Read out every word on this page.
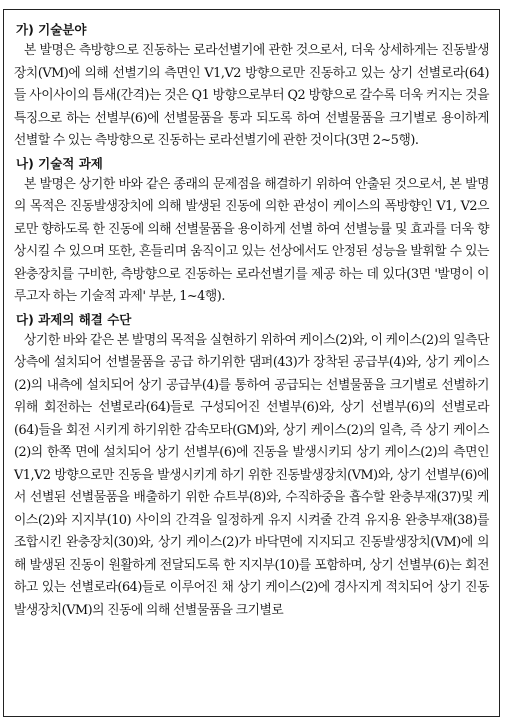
가) 기술분야
본 발명은 측방향으로 진동하는 로라선별기에 관한 것으로서, 더욱 상세하게는 진동발생장치(VM)에 의해 선별기의 측면인 V1,V2 방향으로만 진동하고 있는 상기 선별로라(64)들 사이사이의 틈새(간격)는 것은 Q1 방향으로부터 Q2 방향으로 갈수록 더욱 커지는 것을 특징으로 하는 선별부(6)에 선별물품을 통과 되도록 하여 선별물품을 크기별로 용이하게 선별할 수 있는 측방향으로 진동하는 로라선별기에 관한 것이다(3면 2~5행).
나) 기술적 과제
본 발명은 상기한 바와 같은 종래의 문제점을 해결하기 위하여 안출된 것으로서, 본 발명의 목적은 진동발생장치에 의해 발생된 진동에 의한 관성이 케이스의 폭방향인 V1, V2으로만 향하도록 한 진동에 의해 선별물품을 용이하게 선별 하여 선별능률 및 효과를 더욱 향상시킬 수 있으며 또한, 흔들리며 움직이고 있는 선상에서도 안정된 성능을 발휘할 수 있는 완충장치를 구비한, 측방향으로 진동하는 로라선별기를 제공 하는 데 있다(3면 '발명이 이루고자 하는 기술적 과제' 부분, 1~4행).
다) 과제의 해결 수단
상기한 바와 같은 본 발명의 목적을 실현하기 위하여 케이스(2)와, 이 케이스(2)의 일측단 상측에 설치되어 선별물품을 공급 하기위한 댐퍼(43)가 장착된 공급부(4)와, 상기 케이스(2)의 내측에 설치되어 상기 공급부(4)를 통하여 공급되는 선별물품을 크기별로 선별하기 위해 회전하는 선별로라(64)들로 구성되어진 선별부(6)와, 상기 선별부(6)의 선별로라(64)들을 회전 시키게 하기위한 감속모타(GM)와, 상기 케이스(2)의 일측, 즉 상기 케이스(2)의 한쪽 면에 설치되어 상기 선별부(6)에 진동을 발생시키되 상기 케이스(2)의 측면인 V1,V2 방향으로만 진동을 발생시키게 하기 위한 진동발생장치(VM)와, 상기 선별부(6)에서 선별된 선별물품을 배출하기 위한 슈트부(8)와, 수직하중을 흡수할 완충부재(37)및 케이스(2)와 지지부(10) 사이의 간격을 일정하게 유지 시켜줄 간격 유지용 완충부재(38)를 조합시킨 완충장치(30)와, 상기 케이스(2)가 바닥면에 지지되고 진동발생장치(VM)에 의해 발생된 진동이 원활하게 전달되도록 한 지지부(10)를 포함하며, 상기 선별부(6)는 회전 하고 있는 선별로라(64)들로 이루어진 채 상기 케이스(2)에 경사지게 적치되어 상기 진동발생장치(VM)의 진동에 의해 선별물품을 크기별로
